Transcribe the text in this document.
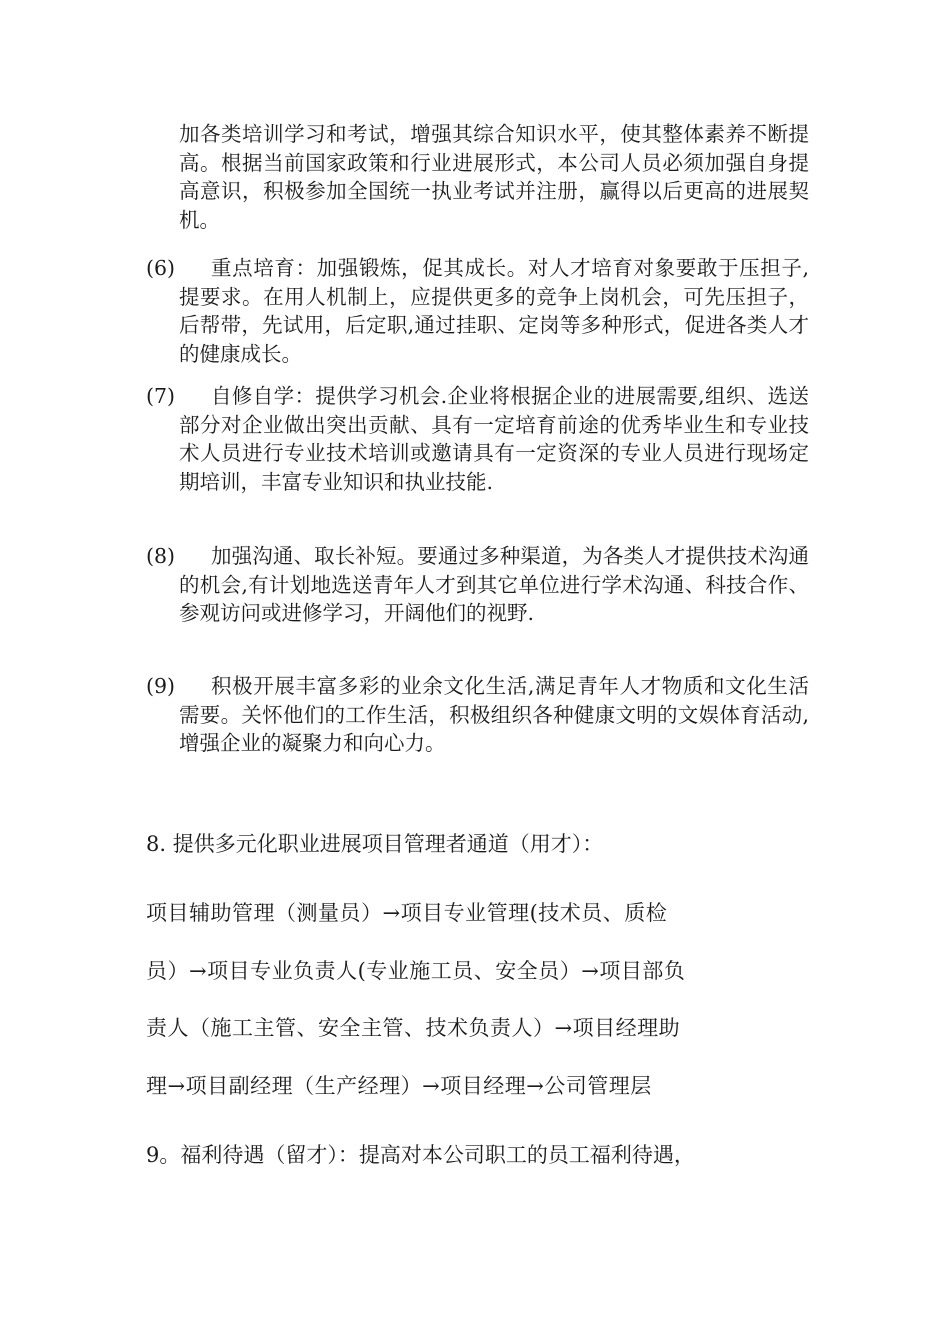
加各类培训学习和考试，增强其综合知识水平，使其整体素养不断提高。根据当前国家政策和行业进展形式，本公司人员必须加强自身提高意识，积极参加全国统一执业考试并注册，赢得以后更高的进展契机。
(6)	重点培育：加强锻炼，促其成长。对人才培育对象要敢于压担子,提要求。在用人机制上，应提供更多的竞争上岗机会，可先压担子，后帮带，先试用，后定职,通过挂职、定岗等多种形式，促进各类人才的健康成长。
(7)	自修自学：提供学习机会.企业将根据企业的进展需要,组织、选送部分对企业做出突出贡献、具有一定培育前途的优秀毕业生和专业技术人员进行专业技术培训或邀请具有一定资深的专业人员进行现场定期培训，丰富专业知识和执业技能.
(8)	加强沟通、取长补短。要通过多种渠道，为各类人才提供技术沟通的机会,有计划地选送青年人才到其它单位进行学术沟通、科技合作、参观访问或进修学习，开阔他们的视野.
(9)	积极开展丰富多彩的业余文化生活,满足青年人才物质和文化生活需要。关怀他们的工作生活，积极组织各种健康文明的文娱体育活动,增强企业的凝聚力和向心力。
8. 提供多元化职业进展项目管理者通道（用才）：
项目辅助管理（测量员）→项目专业管理(技术员、质检
员）→项目专业负责人(专业施工员、安全员）→项目部负
责人（施工主管、安全主管、技术负责人）→项目经理助
理→项目副经理（生产经理）→项目经理→公司管理层
9。福利待遇（留才）：提高对本公司职工的员工福利待遇，
